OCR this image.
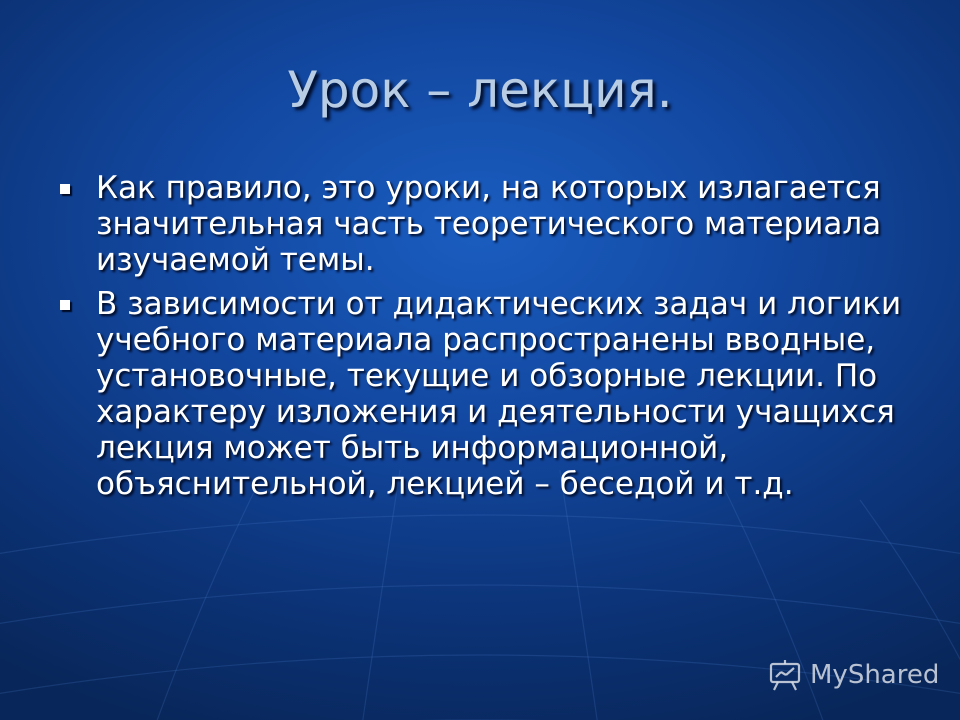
Урок – лекция.
Как правило, это уроки, на которых излагается значительная часть теоретического материала изучаемой темы.
В зависимости от дидактических задач и логики учебного материала распространены вводные, установочные, текущие и обзорные лекции. По характеру изложения и деятельности учащихся лекция может быть информационной, объяснительной, лекцией – беседой и т.д.
MyShared
